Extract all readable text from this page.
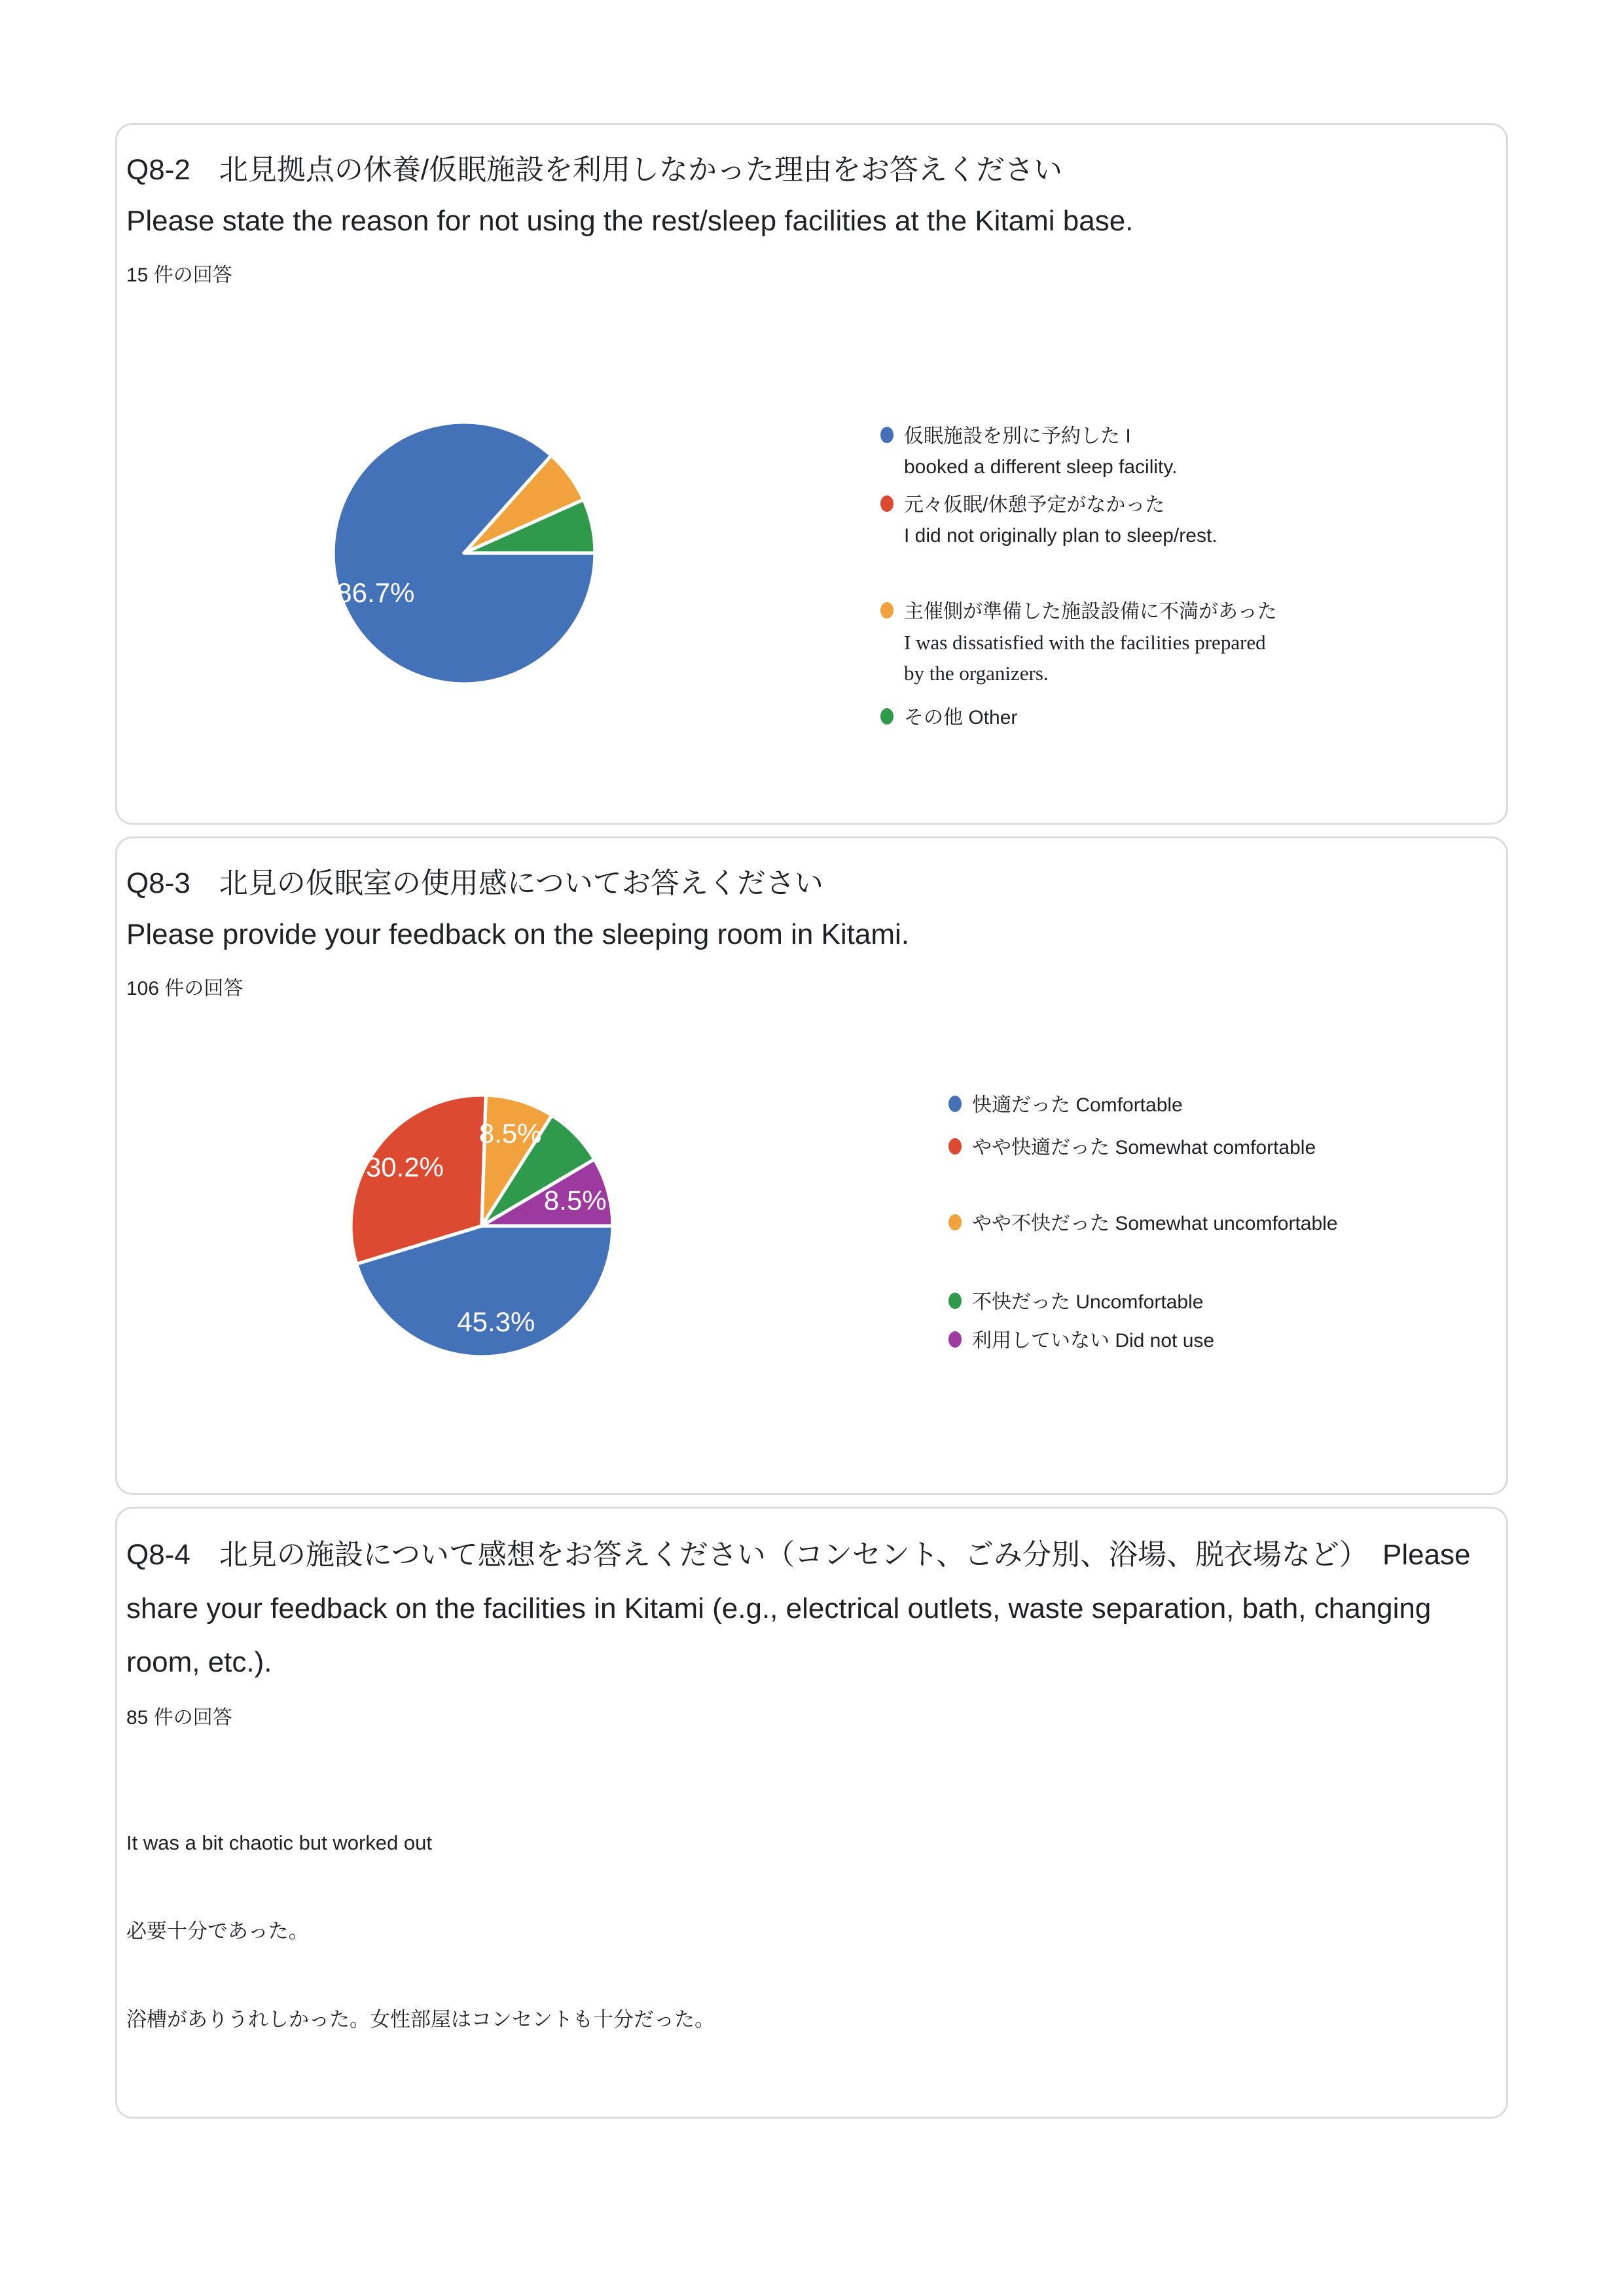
Q8-2　北見拠点の休養/仮眠施設を利用しなかった理由をお答えください
Please state the reason for not using the rest/sleep facilities at the Kitami base.
15 件の回答
86.7%
仮眠施設を別に予約した I
booked a different sleep facility.
元々仮眠/休憩予定がなかった
I did not originally plan to sleep/rest.
主催側が準備した施設設備に不満があった
I was dissatisfied with the facilities prepared
by the organizers.
その他 Other
Q8-3　北見の仮眠室の使用感についてお答えください
Please provide your feedback on the sleeping room in Kitami.
106 件の回答
45.3%
30.2%
8.5%
8.5%
快適だった Comfortable
やや快適だった Somewhat comfortable
やや不快だった Somewhat uncomfortable
不快だった Uncomfortable
利用していない Did not use
Q8-4　北見の施設について感想をお答えください（コンセント、ごみ分別、浴場、脱衣場など）　Please share your feedback on the facilities in Kitami (e.g., electrical outlets, waste separation, bath, changing room, etc.).
85 件の回答
It was a bit chaotic but worked out
必要十分であった。
浴槽がありうれしかった。女性部屋はコンセントも十分だった。
